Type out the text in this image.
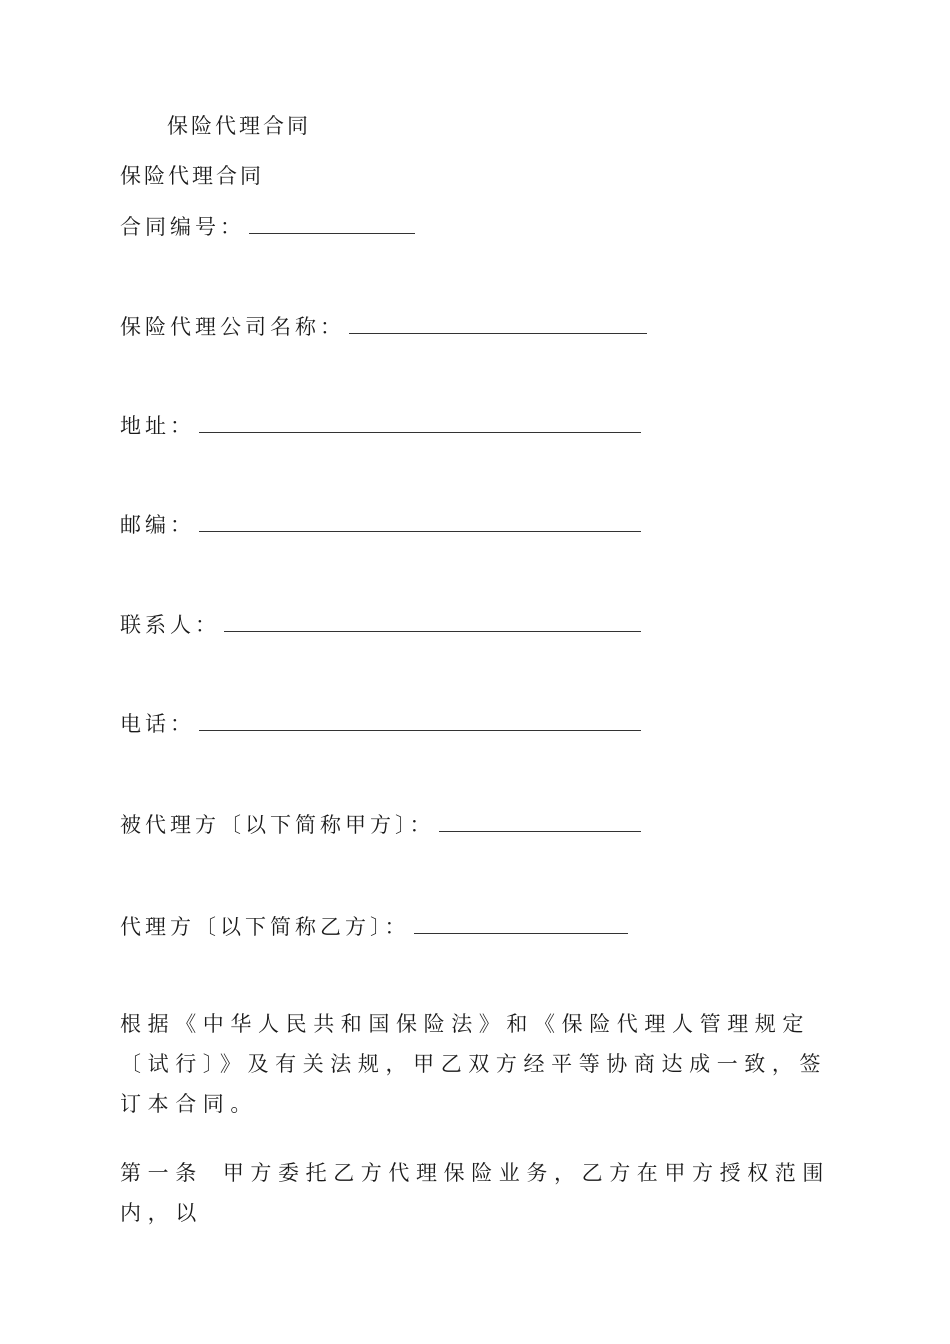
保险代理合同
保险代理合同
合同编号：
保险代理公司名称：
地址：
邮编：
联系人：
电话：
被代理方〔以下简称甲方〕：
代理方〔以下简称乙方〕：
根据《中华人民共和国保险法》和《保险代理人管理规定〔试行〕》及有关法规，甲乙双方经平等协商达成一致，签订本合同。
第一条 甲方委托乙方代理保险业务，乙方在甲方授权范围内，以
